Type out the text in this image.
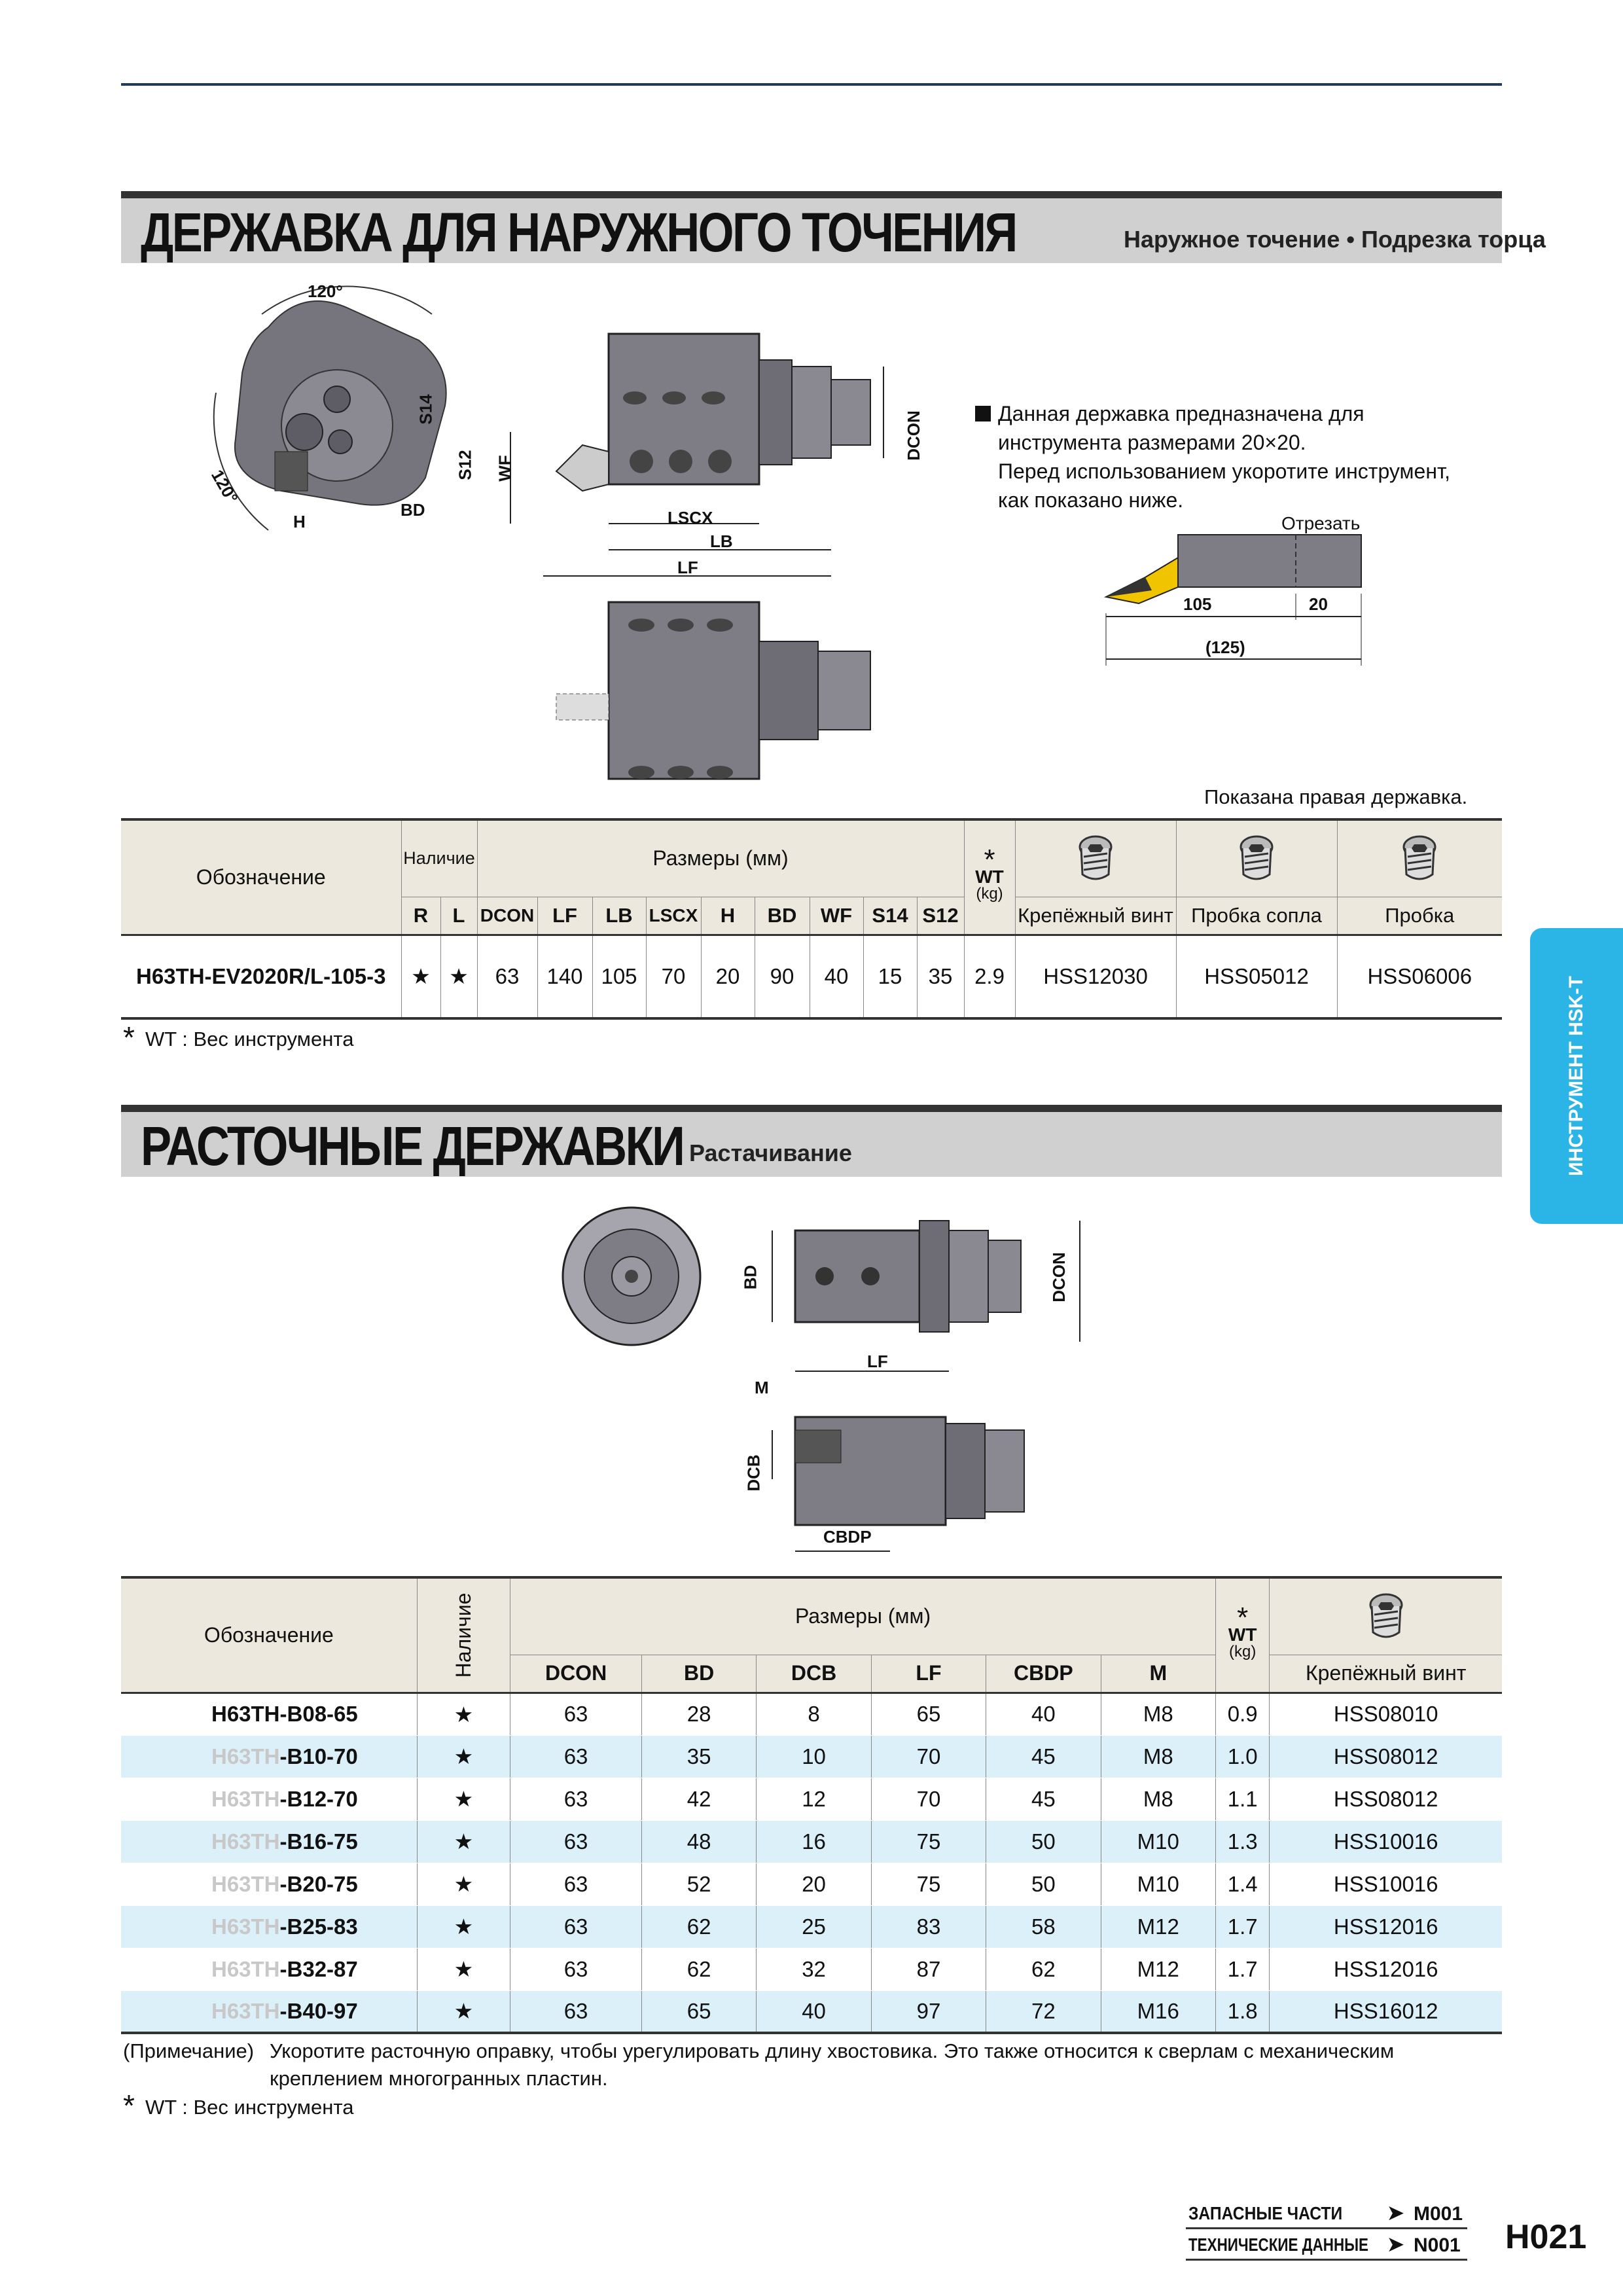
ДЕРЖАВКА ДЛЯ НАРУЖНОГО ТОЧЕНИЯ	Наружное точение • Подрезка торца
120°
120°
S14
S12 WF
H
BD
DCON
LSCX
LB
LF
Данная державка предназначена для
инструмента размерами 20×20.
Перед использованием укоротите инструмент,
как показано ниже.
Отрезать
105	20
(125)
Показана правая державка.
Обозначение	Наличие		Размеры (мм)									*
WT
(kg)

	R	L	DCON	LF	LB	LSCX	H	BD	WF	S14	S12		Крепёжный винт	Пробка сопла	Пробка
H63TH-EV2020R/L-105-3	★	★	63	140	105	70	20	90	40	15	35	2.9	HSS12030	HSS05012	HSS06006
* WT : Вес инструмента
РАСТОЧНЫЕ ДЕРЖАВКИ Растачивание
BD	DCON
LF
M
DCB
CBDP
Обозначение	Наличие	Размеры (мм)						*
WT
(kg)

		DCON	BD	DCB	LF	CBDP	M		Крепёжный винт
H63TH-B08-65	★	63	28	8	65	40	M8	0.9	HSS08010
H63TH-B10-70	★	63	35	10	70	45	M8	1.0	HSS08012
H63TH-B12-70	★	63	42	12	70	45	M8	1.1	HSS08012
H63TH-B16-75	★	63	48	16	75	50	M10	1.3	HSS10016
H63TH-B20-75	★	63	52	20	75	50	M10	1.4	HSS10016
H63TH-B25-83	★	63	62	25	83	58	M12	1.7	HSS12016
H63TH-B32-87	★	63	62	32	87	62	M12	1.7	HSS12016
H63TH-B40-97	★	63	65	40	97	72	M16	1.8	HSS16012
(Примечание) Укоротите расточную оправку, чтобы урегулировать длину хвостовика. Это также относится к сверлам с механическим
креплением многогранных пластин.
* WT : Вес инструмента
ИНСТРУМЕНТ HSK-T
ЗАПАСНЫЕ ЧАСТИ ➤ M001
ТЕХНИЧЕСКИЕ ДАННЫЕ ➤ N001 H021
